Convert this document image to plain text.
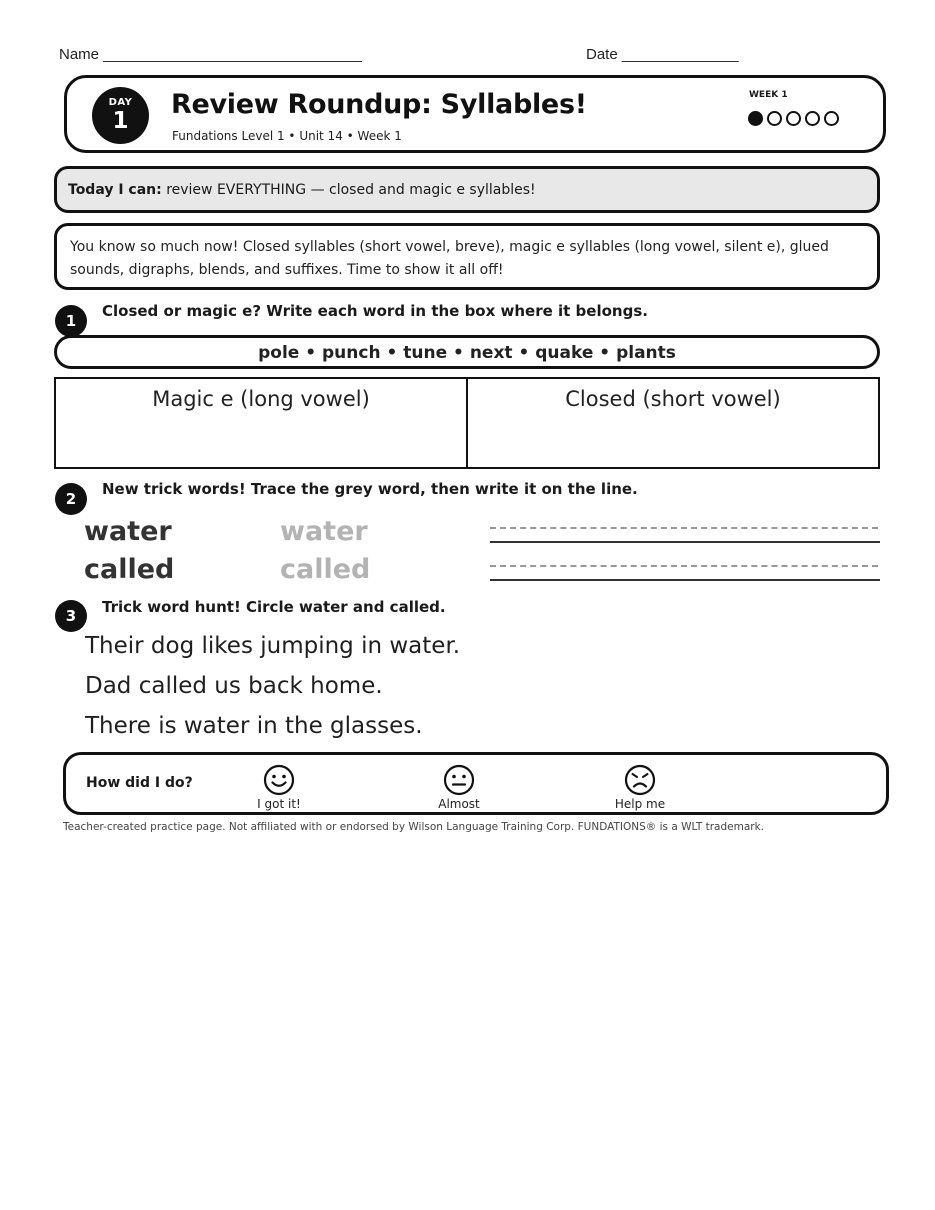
Name _______________________________	Date ______________
DAY
1
Review Roundup: Syllables!
Fundations Level 1 • Unit 14 • Week 1
WEEK 1
Today I can: review EVERYTHING — closed and magic e syllables!
You know so much now! Closed syllables (short vowel, breve), magic e syllables (long vowel, silent e), glued sounds, digraphs, blends, and suffixes. Time to show it all off!
1
Closed or magic e? Write each word in the box where it belongs.
pole • punch • tune • next • quake • plants
Magic e (long vowel)	Closed (short vowel)
2
New trick words! Trace the grey word, then write it on the line.
water	water
called	called
3	Trick word hunt! Circle water and called.
Their dog likes jumping in water.
Dad called us back home.
There is water in the glasses.
How did I do?
I got it!	Almost	Help me
Teacher-created practice page. Not affiliated with or endorsed by Wilson Language Training Corp. FUNDATIONS® is a WLT trademark.
